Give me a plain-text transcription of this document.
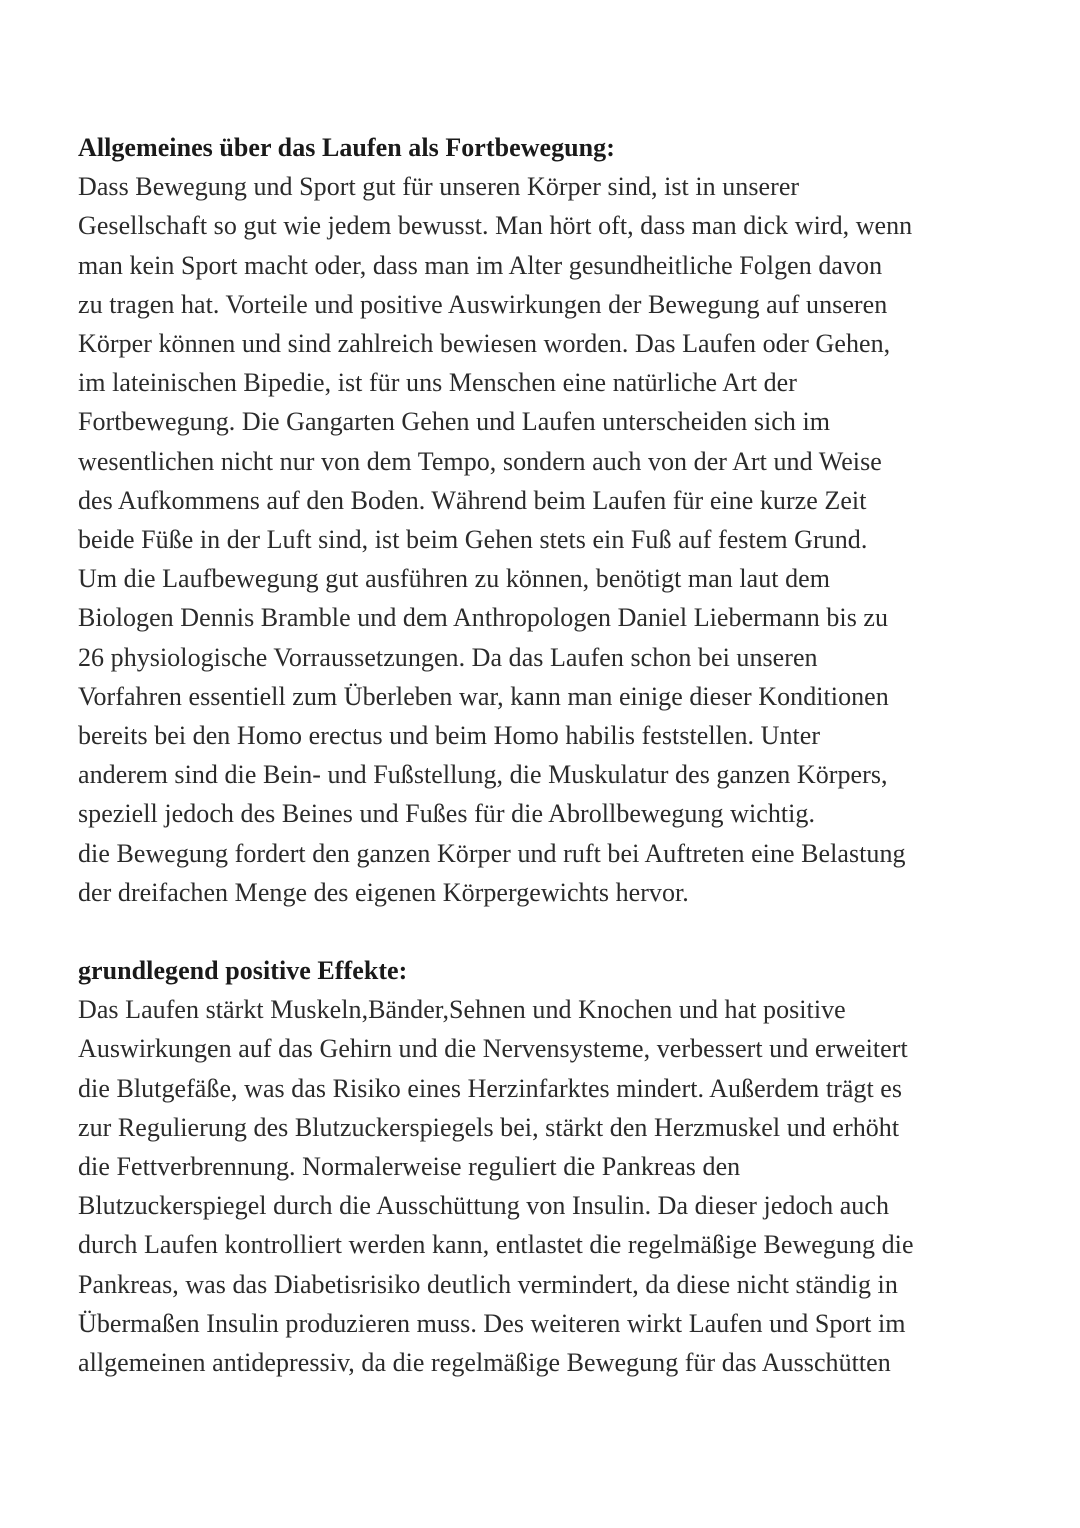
Allgemeines über das Laufen als Fortbewegung:
Dass Bewegung und Sport gut für unseren Körper sind, ist in unserer
Gesellschaft so gut wie jedem bewusst. Man hört oft, dass man dick wird, wenn
man kein Sport macht oder, dass man im Alter gesundheitliche Folgen davon
zu tragen hat. Vorteile und positive Auswirkungen der Bewegung auf unseren
Körper können und sind zahlreich bewiesen worden. Das Laufen oder Gehen,
im lateinischen Bipedie, ist für uns Menschen eine natürliche Art der
Fortbewegung. Die Gangarten Gehen und Laufen unterscheiden sich im
wesentlichen nicht nur von dem Tempo, sondern auch von der Art und Weise
des Aufkommens auf den Boden. Während beim Laufen für eine kurze Zeit
beide Füße in der Luft sind, ist beim Gehen stets ein Fuß auf festem Grund.
Um die Laufbewegung gut ausführen zu können, benötigt man laut dem
Biologen Dennis Bramble und dem Anthropologen Daniel Liebermann bis zu
26 physiologische Vorraussetzungen. Da das Laufen schon bei unseren
Vorfahren essentiell zum Überleben war, kann man einige dieser Konditionen
bereits bei den Homo erectus und beim Homo habilis feststellen. Unter
anderem sind die Bein- und Fußstellung, die Muskulatur des ganzen Körpers,
speziell jedoch des Beines und Fußes für die Abrollbewegung wichtig.
die Bewegung fordert den ganzen Körper und ruft bei Auftreten eine Belastung
der dreifachen Menge des eigenen Körpergewichts hervor.
grundlegend positive Effekte:
Das Laufen stärkt Muskeln,Bänder,Sehnen und Knochen und hat positive
Auswirkungen auf das Gehirn und die Nervensysteme, verbessert und erweitert
die Blutgefäße, was das Risiko eines Herzinfarktes mindert. Außerdem trägt es
zur Regulierung des Blutzuckerspiegels bei, stärkt den Herzmuskel und erhöht
die Fettverbrennung. Normalerweise reguliert die Pankreas den
Blutzuckerspiegel durch die Ausschüttung von Insulin. Da dieser jedoch auch
durch Laufen kontrolliert werden kann, entlastet die regelmäßige Bewegung die
Pankreas, was das Diabetisrisiko deutlich vermindert, da diese nicht ständig in
Übermaßen Insulin produzieren muss. Des weiteren wirkt Laufen und Sport im
allgemeinen antidepressiv, da die regelmäßige Bewegung für das Ausschütten
